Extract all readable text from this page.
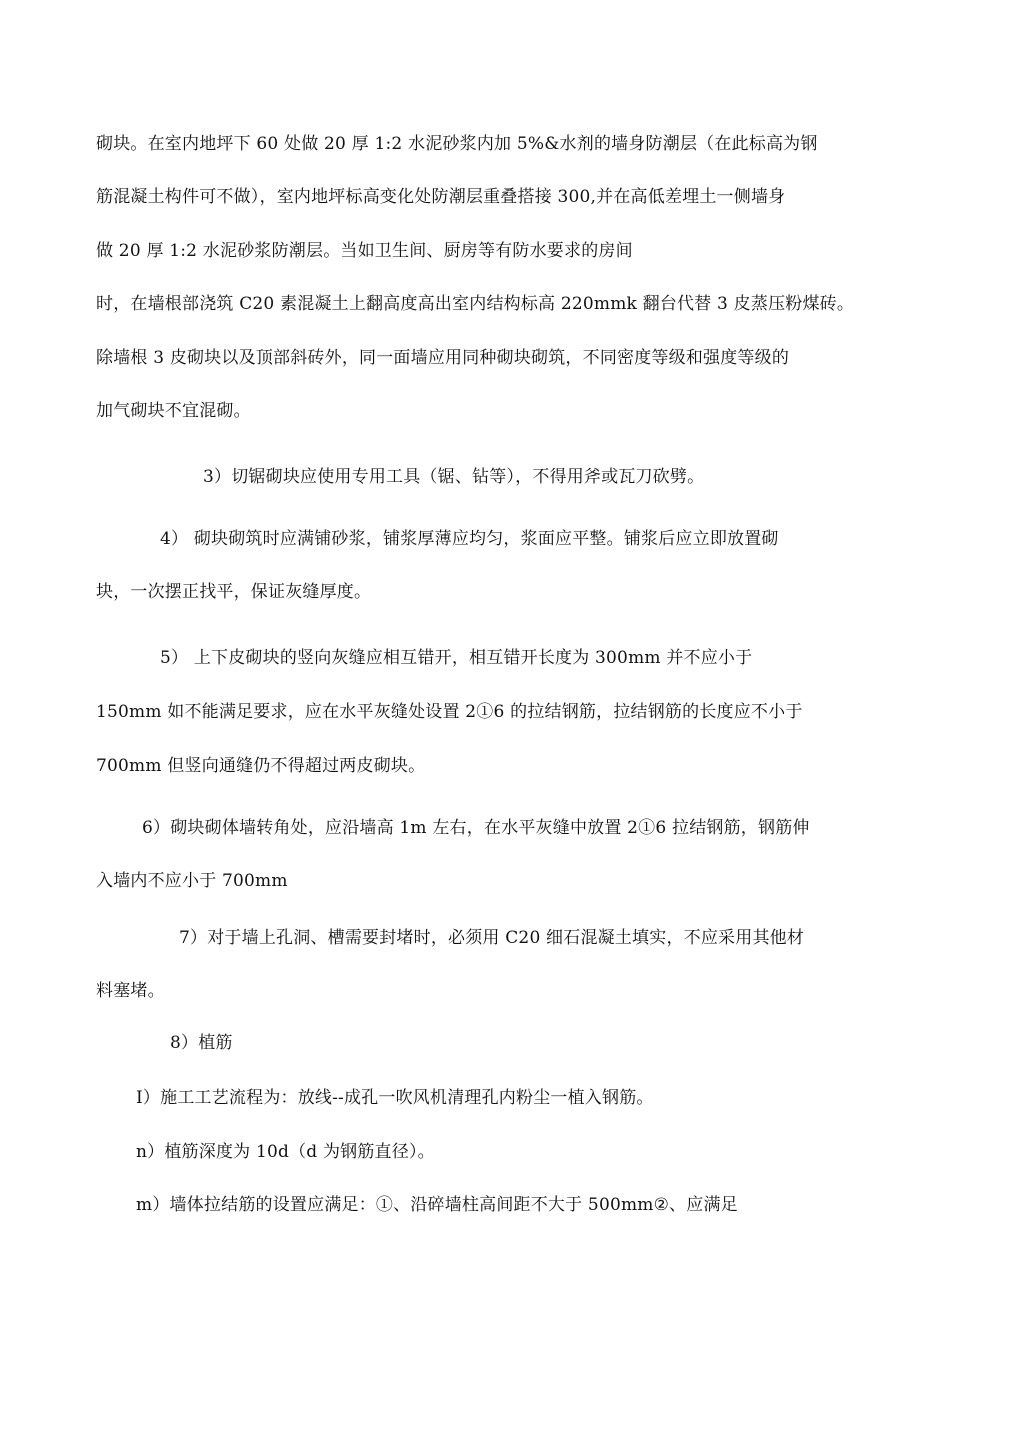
砌块。在室内地坪下 60 处做 20 厚 1:2 水泥砂浆内加 5%&水剂的墙身防潮层（在此标高为钢
筋混凝土构件可不做），室内地坪标高变化处防潮层重叠搭接 300,并在高低差埋土一侧墙身
做 20 厚 1:2 水泥砂浆防潮层。当如卫生间、厨房等有防水要求的房间
时，在墙根部浇筑 C20 素混凝土上翻高度高出室内结构标高 220mmk 翻台代替 3 皮蒸压粉煤砖。
除墙根 3 皮砌块以及顶部斜砖外，同一面墙应用同种砌块砌筑，不同密度等级和强度等级的
加气砌块不宜混砌。
3）切锯砌块应使用专用工具（锯、钻等），不得用斧或瓦刀砍劈。
4） 砌块砌筑时应满铺砂浆，铺浆厚薄应均匀，浆面应平整。铺浆后应立即放置砌
块，一次摆正找平，保证灰缝厚度。
5） 上下皮砌块的竖向灰缝应相互错开，相互错开长度为 300mm 并不应小于
150mm 如不能满足要求，应在水平灰缝处设置 2①6 的拉结钢筋，拉结钢筋的长度应不小于
700mm 但竖向通缝仍不得超过两皮砌块。
6）砌块砌体墙转角处，应沿墙高 1m 左右，在水平灰缝中放置 2①6 拉结钢筋，钢筋伸
入墙内不应小于 700mm
7）对于墙上孔洞、槽需要封堵时，必须用 C20 细石混凝土填实，不应采用其他材
料塞堵。
8）植筋
I）施工工艺流程为：放线--成孔一吹风机清理孔内粉尘一植入钢筋。
n）植筋深度为 10d（d 为钢筋直径）。
m）墙体拉结筋的设置应满足：①、沿碎墙柱高间距不大于 500mm②、应满足
